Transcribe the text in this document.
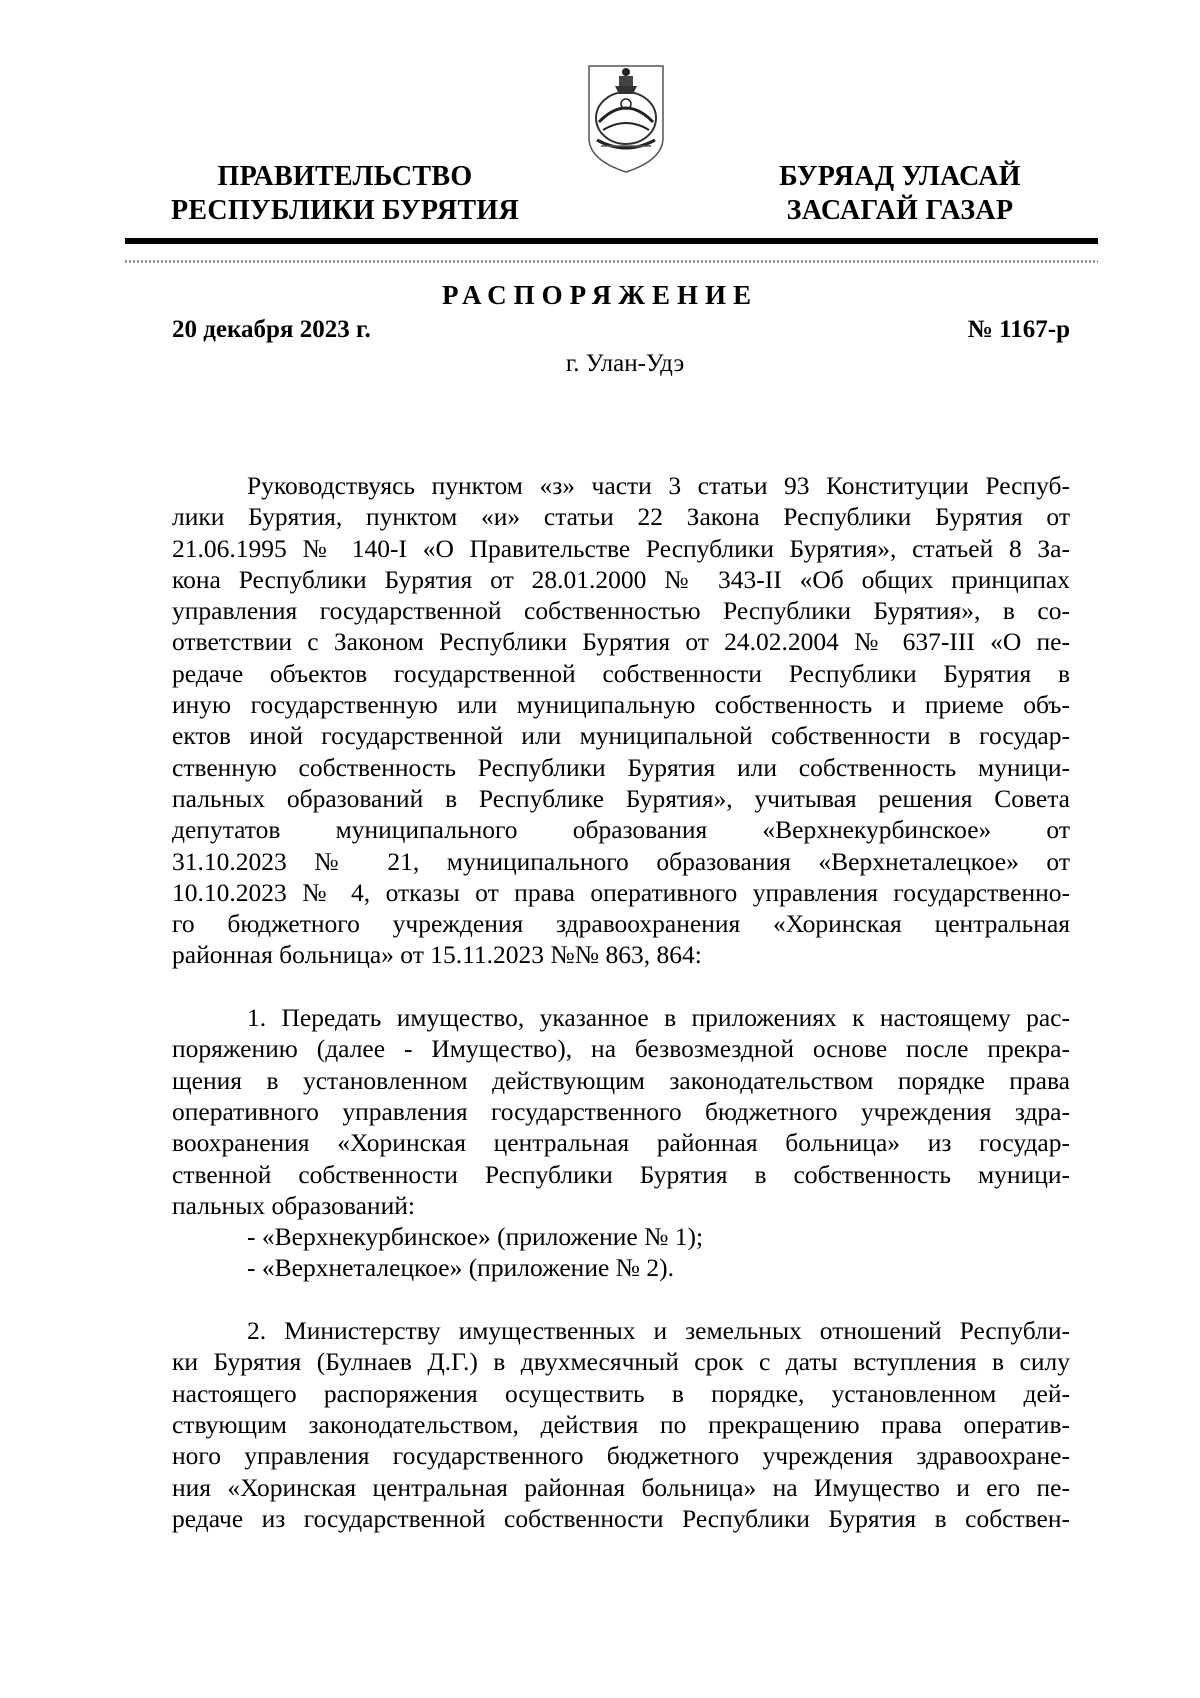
ПРАВИТЕЛЬСТВО
РЕСПУБЛИКИ БУРЯТИЯ
БУРЯАД УЛАСАЙ
ЗАСАГАЙ ГАЗАР
РАСПОРЯЖЕНИЕ
20 декабря 2023 г.	№ 1167-р
г. Улан-Удэ
Руководствуясь пунктом «з» части 3 статьи 93 Конституции Респуб-
лики Бурятия, пунктом «и» статьи 22 Закона Республики Бурятия от
21.06.1995 № 140-I «О Правительстве Республики Бурятия», статьей 8 За-
кона Республики Бурятия от 28.01.2000 № 343-II «Об общих принципах
управления государственной собственностью Республики Бурятия», в со-
ответствии с Законом Республики Бурятия от 24.02.2004 № 637-III «О пе-
редаче объектов государственной собственности Республики Бурятия в
иную государственную или муниципальную собственность и приеме объ-
ектов иной государственной или муниципальной собственности в государ-
ственную собственность Республики Бурятия или собственность муници-
пальных образований в Республике Бурятия», учитывая решения Совета
депутатов муниципального образования «Верхнекурбинское» от
31.10.2023 № 21, муниципального образования «Верхнеталецкое» от
10.10.2023 № 4, отказы от права оперативного управления государственно-
го бюджетного учреждения здравоохранения «Хоринская центральная
районная больница» от 15.11.2023 №№ 863, 864:
1. Передать имущество, указанное в приложениях к настоящему рас-
поряжению (далее - Имущество), на безвозмездной основе после прекра-
щения в установленном действующим законодательством порядке права
оперативного управления государственного бюджетного учреждения здра-
воохранения «Хоринская центральная районная больница» из государ-
ственной собственности Республики Бурятия в собственность муници-
пальных образований:
- «Верхнекурбинское» (приложение № 1);
- «Верхнеталецкое» (приложение № 2).
2. Министерству имущественных и земельных отношений Республи-
ки Бурятия (Булнаев Д.Г.) в двухмесячный срок с даты вступления в силу
настоящего распоряжения осуществить в порядке, установленном дей-
ствующим законодательством, действия по прекращению права оператив-
ного управления государственного бюджетного учреждения здравоохране-
ния «Хоринская центральная районная больница» на Имущество и его пе-
редаче из государственной собственности Республики Бурятия в собствен-
